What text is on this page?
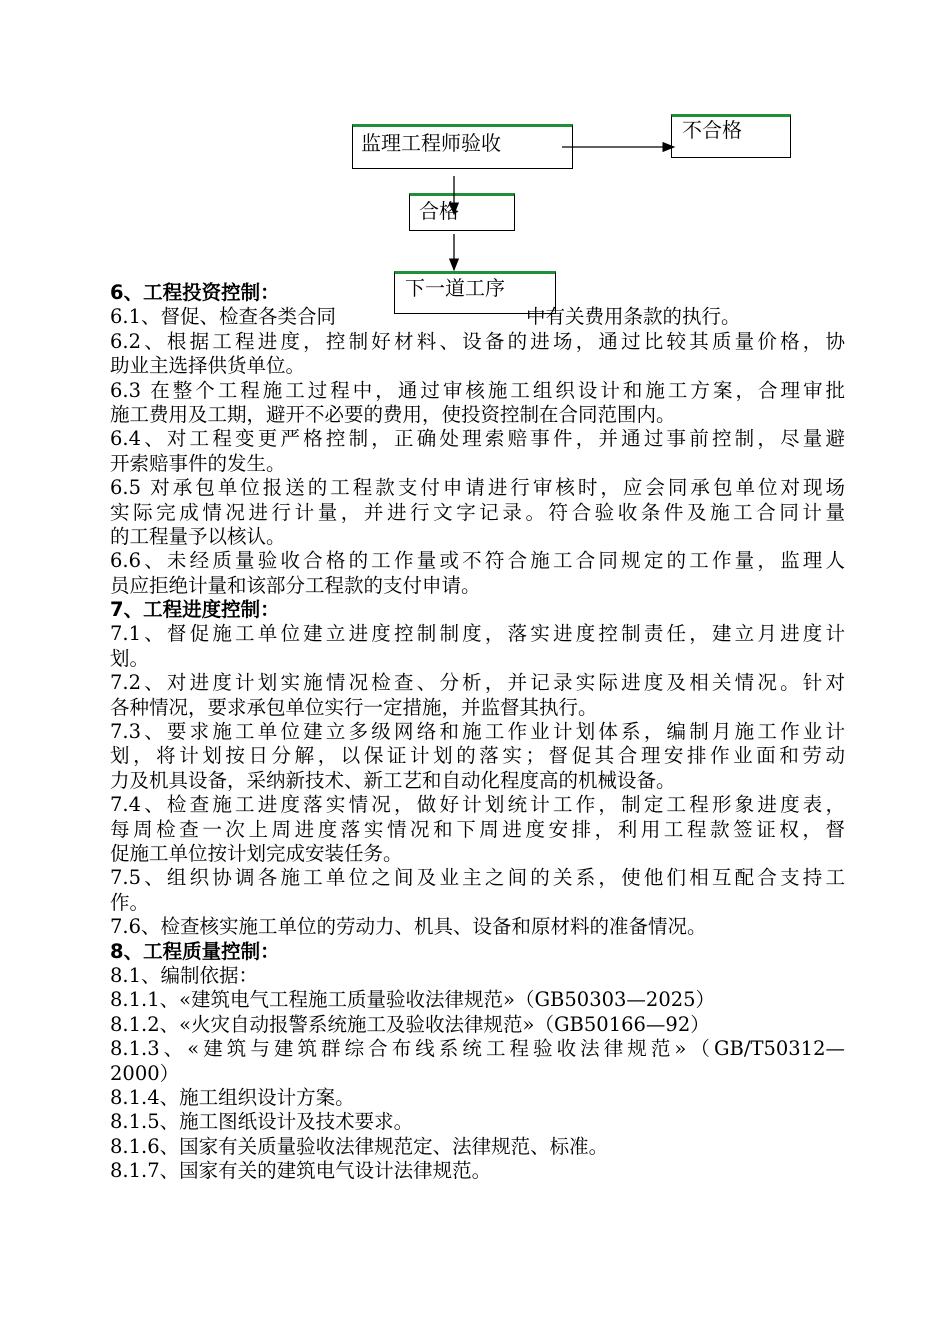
监理工程师验收
不合格
合格
下一道工序
6、工程投资控制：
6.1、督促、检查各类合同	中有关费用条款的执行。
6.2、根据工程进度，控制好材料、设备的进场，通过比较其质量价格，协
助业主选择供货单位。
6.3 在整个工程施工过程中，通过审核施工组织设计和施工方案，合理审批
施工费用及工期，避开不必要的费用，使投资控制在合同范围内。
6.4、对工程变更严格控制，正确处理索赔事件，并通过事前控制，尽量避
开索赔事件的发生。
6.5 对承包单位报送的工程款支付申请进行审核时，应会同承包单位对现场
实际完成情况进行计量，并进行文字记录。符合验收条件及施工合同计量
的工程量予以核认。
6.6、未经质量验收合格的工作量或不符合施工合同规定的工作量，监理人
员应拒绝计量和该部分工程款的支付申请。
7、工程进度控制：
7.1、督促施工单位建立进度控制制度，落实进度控制责任，建立月进度计
划。
7.2、对进度计划实施情况检查、分析，并记录实际进度及相关情况。针对
各种情况，要求承包单位实行一定措施，并监督其执行。
7.3、要求施工单位建立多级网络和施工作业计划体系，编制月施工作业计
划，将计划按日分解，以保证计划的落实；督促其合理安排作业面和劳动
力及机具设备，采纳新技术、新工艺和自动化程度高的机械设备。
7.4、检查施工进度落实情况，做好计划统计工作，制定工程形象进度表，
每周检查一次上周进度落实情况和下周进度安排，利用工程款签证权，督
促施工单位按计划完成安装任务。
7.5、组织协调各施工单位之间及业主之间的关系，使他们相互配合支持工
作。
7.6、检查核实施工单位的劳动力、机具、设备和原材料的准备情况。
8、工程质量控制：
8.1、编制依据：
8.1.1、«建筑电气工程施工质量验收法律规范»（GB50303—2025）
8.1.2、«火灾自动报警系统施工及验收法律规范»（GB50166—92）
8.1.3、«建筑与建筑群综合布线系统工程验收法律规范»（GB/T50312—
2000）
8.1.4、施工组织设计方案。
8.1.5、施工图纸设计及技术要求。
8.1.6、国家有关质量验收法律规范定、法律规范、标准。
8.1.7、国家有关的建筑电气设计法律规范。
